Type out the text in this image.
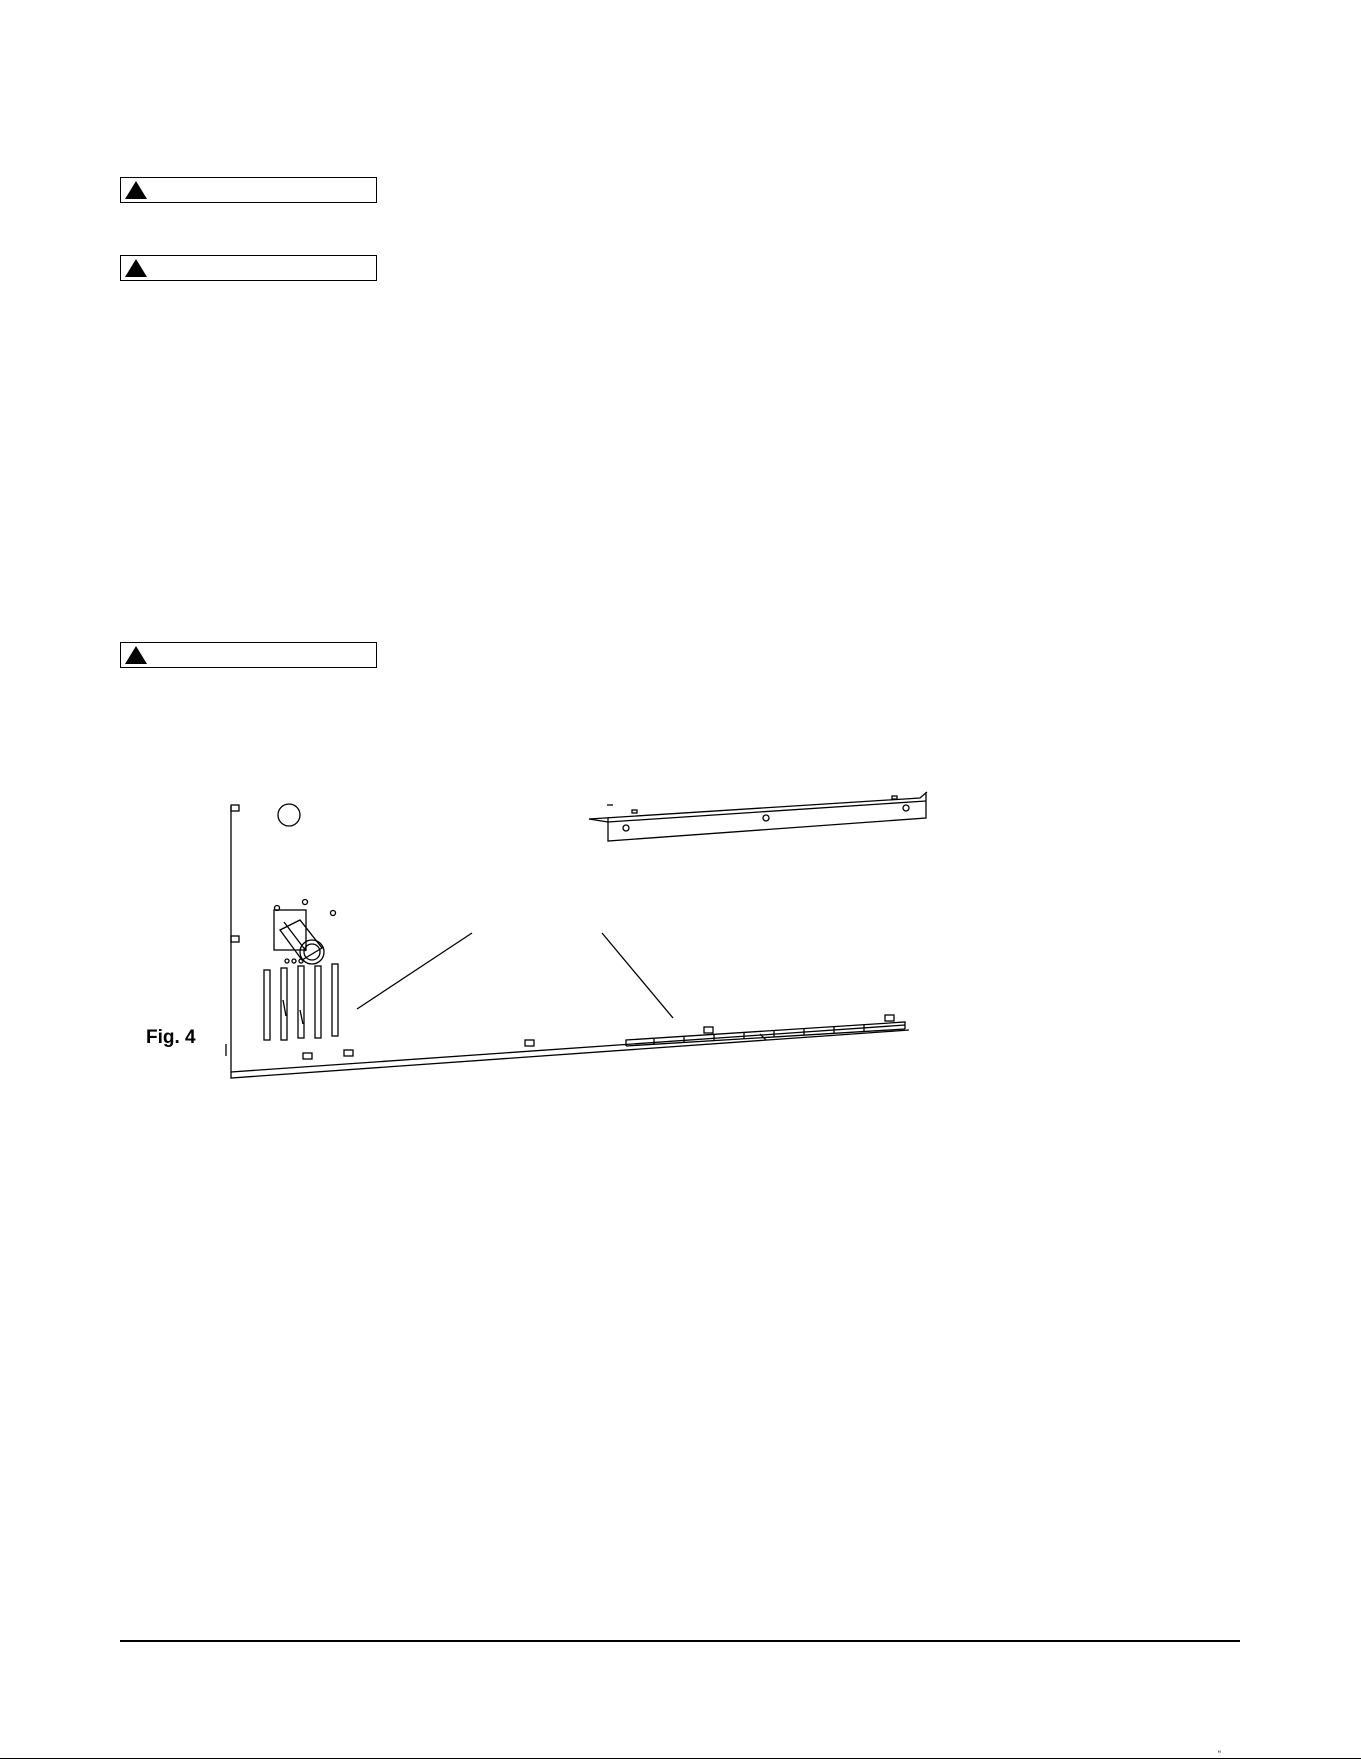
Fig. 4
“
